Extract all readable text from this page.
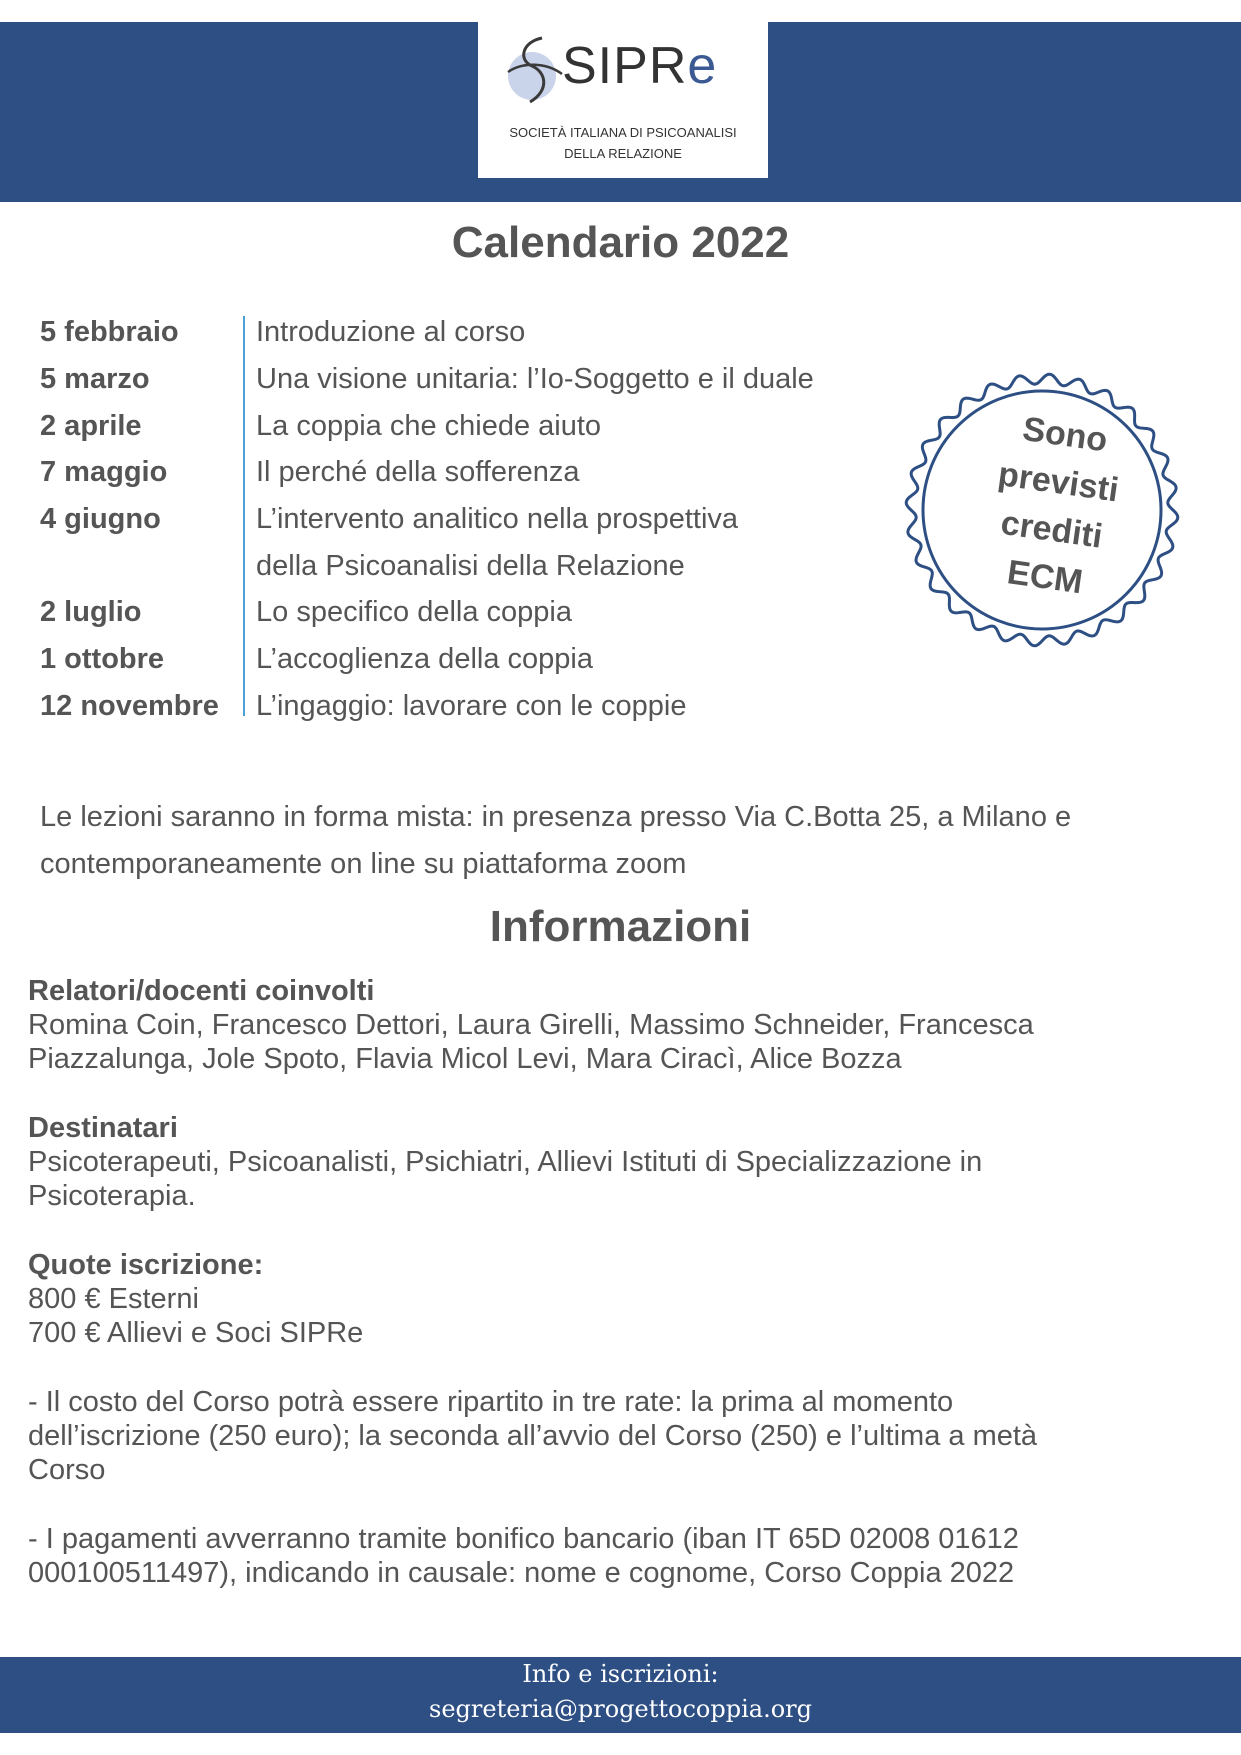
SIPRe
SOCIETÀ ITALIANA DI PSICOANALISI
DELLA RELAZIONE
Calendario 2022
5 febbraio	Introduzione al corso
5 marzo	Una visione unitaria: l’Io-Soggetto e il duale
2 aprile	La coppia che chiede aiuto
7 maggio	Il perché della sofferenza
4 giugno	L’intervento analitico nella prospettiva
della Psicoanalisi della Relazione
2 luglio	Lo specifico della coppia
1 ottobre	L’accoglienza della coppia
12 novembre L’ingaggio: lavorare con le coppie
Sono
previsti
crediti
ECM
Le lezioni saranno in forma mista: in presenza presso Via C.Botta 25, a Milano e
contemporaneamente on line su piattaforma zoom
Informazioni
Relatori/docenti coinvolti
Romina Coin, Francesco Dettori, Laura Girelli, Massimo Schneider, Francesca
Piazzalunga, Jole Spoto, Flavia Micol Levi, Mara Ciracì, Alice Bozza
Destinatari
Psicoterapeuti, Psicoanalisti, Psichiatri, Allievi Istituti di Specializzazione in
Psicoterapia.
Quote iscrizione:
800 € Esterni
700 € Allievi e Soci SIPRe
- Il costo del Corso potrà essere ripartito in tre rate: la prima al momento
dell’iscrizione (250 euro); la seconda all’avvio del Corso (250) e l’ultima a metà
Corso
- I pagamenti avverranno tramite bonifico bancario (iban IT 65D 02008 01612
000100511497), indicando in causale: nome e cognome, Corso Coppia 2022
Info e iscrizioni:
segreteria@progettocoppia.org
